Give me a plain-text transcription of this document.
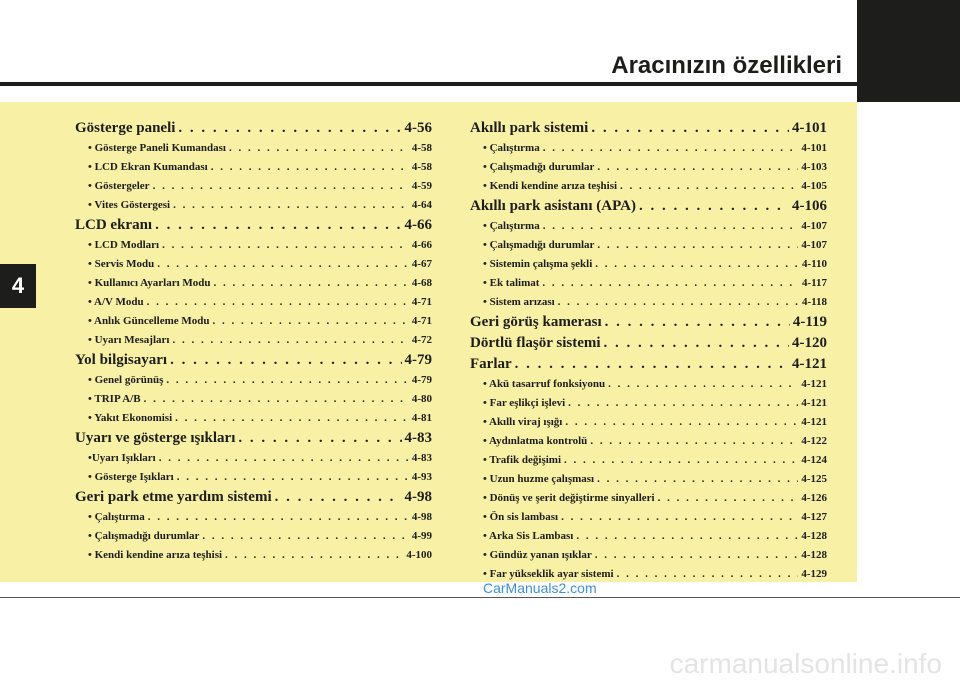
Aracınızın özellikleri
4
Gösterge paneli . . .	4-56
• Gösterge Paneli Kumandası . . .	4-58
• LCD Ekran Kumandası . . .	4-58
• Göstergeler . . .	4-59
• Vites Göstergesi . . .	4-64
LCD ekranı . . .	4-66
• LCD Modları . . .	4-66
• Servis Modu . . .	4-67
• Kullanıcı Ayarları Modu . . .	4-68
• A/V Modu . . .	4-71
• Anlık Güncelleme Modu . . .	4-71
• Uyarı Mesajları . . .	4-72
Yol bilgisayarı . . .	4-79
• Genel görünüş . . .	4-79
• TRIP A/B . . .	4-80
• Yakıt Ekonomisi . . .	4-81
Uyarı ve gösterge ışıkları . . .	4-83
•Uyarı Işıkları . . .	4-83
• Gösterge Işıkları . . .	4-93
Geri park etme yardım sistemi . . .	4-98
• Çalıştırma . . .	4-98
• Çalışmadığı durumlar . . .	4-99
• Kendi kendine arıza teşhisi . . .	4-100
Akıllı park sistemi . . .	4-101
• Çalıştırma . . .	4-101
• Çalışmadığı durumlar . . .	4-103
• Kendi kendine arıza teşhisi . . .	4-105
Akıllı park asistanı (APA) . . .	4-106
• Çalıştırma . . .	4-107
• Çalışmadığı durumlar . . .	4-107
• Sistemin çalışma şekli . . .	4-110
• Ek talimat . . .	4-117
• Sistem arızası . . .	4-118
Geri görüş kamerası . . .	4-119
Dörtlü flaşör sistemi . . .	4-120
Farlar . . .	4-121
• Akü tasarruf fonksiyonu . . .	4-121
• Far eşlikçi işlevi . . .	4-121
• Akıllı viraj ışığı . . .	4-121
• Aydınlatma kontrolü . . .	4-122
• Trafik değişimi . . .	4-124
• Uzun huzme çalışması . . .	4-125
• Dönüş ve şerit değiştirme sinyalleri . . .	4-126
• Ön sis lambası . . .	4-127
• Arka Sis Lambası . . .	4-128
• Gündüz yanan ışıklar . . .	4-128
• Far yükseklik ayar sistemi . . .	4-129
CarManuals2.com
carmanualsonline.info
